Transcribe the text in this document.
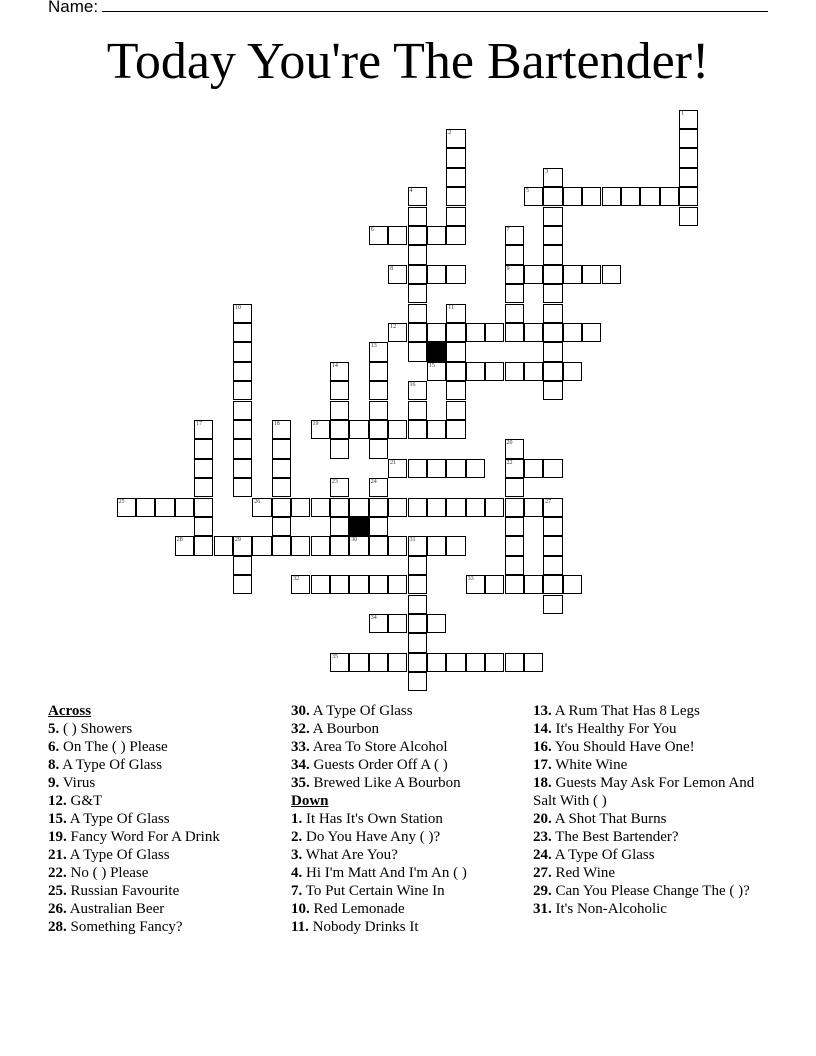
Name:
Today You're The Bartender!
1
2
3
4	5
6	7
9
8
10	11
12
13
14	15
16
17	18	19
20
22
21
23	24
25	26	27
28	29	30	31
32	33
34
35
Across
5. ( ) Showers
6. On The ( ) Please
8. A Type Of Glass
9. Virus
12. G&T
15. A Type Of Glass
19. Fancy Word For A Drink
21. A Type Of Glass
22. No ( ) Please
25. Russian Favourite
26. Australian Beer
28. Something Fancy?
30. A Type Of Glass
32. A Bourbon
33. Area To Store Alcohol
34. Guests Order Off A ( )
35. Brewed Like A Bourbon
Down
1. It Has It's Own Station
2. Do You Have Any ( )?
3. What Are You?
4. Hi I'm Matt And I'm An ( )
7. To Put Certain Wine In
10. Red Lemonade
11. Nobody Drinks It
13. A Rum That Has 8 Legs
14. It's Healthy For You
16. You Should Have One!
17. White Wine
18. Guests May Ask For Lemon And Salt With ( )
20. A Shot That Burns
23. The Best Bartender?
24. A Type Of Glass
27. Red Wine
29. Can You Please Change The ( )?
31. It's Non-Alcoholic
